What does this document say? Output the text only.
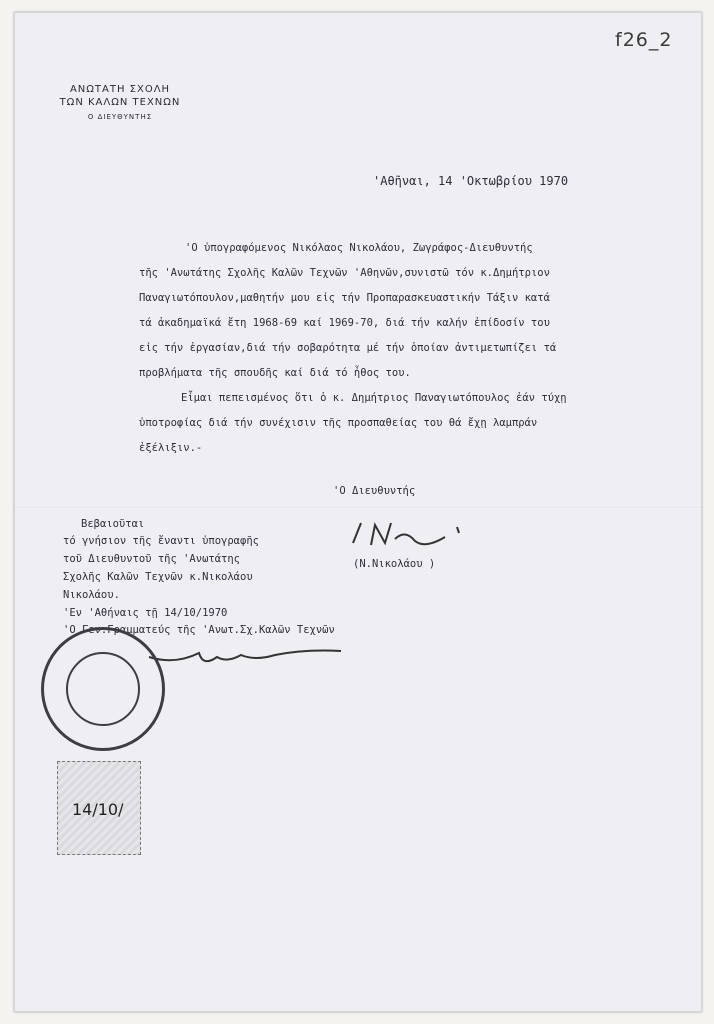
f26_2
ΑΝΩΤΑΤΗ ΣΧΟΛΗ
ΤΩΝ ΚΑΛΩΝ ΤΕΧΝΩΝ
Ο ΔΙΕΥΘΥΝΤΗΣ
'Αθῆναι, 14 'Οκτωβρίου 1970
'Ο ὑπογραφόμενος Νικόλαος Νικολάου, Ζωγράφος-Διευθυντής
τῆς 'Ανωτάτης Σχολῆς Καλῶν Τεχνῶν 'Αθηνῶν,συνιστῶ τόν κ.Δημήτριον
Παναγιωτόπουλον,μαθητήν μου εἰς τήν Προπαρασκευαστικήν Τάξιν κατά
τά ἀκαδημαϊκά ἔτη 1968-69 καί 1969-70, διά τήν καλήν ἐπίδοσίν του
εἰς τήν ἐργασίαν,διά τήν σοβαρότητα μέ τήν ὁποίαν ἀντιμετωπίζει τά
προβλήματα τῆς σπουδῆς καί διά τό ἦθος του.
Εἶμαι πεπεισμένος ὅτι ὁ κ. Δημήτριος Παναγιωτόπουλος ἐάν τύχῃ
ὑποτροφίας διά τήν συνέχισιν τῆς προσπαθείας του θά ἔχῃ λαμπράν
ἐξέλιξιν.-
'Ο Διευθυντής
(Ν.Νικολάου )
Βεβαιοῦται
τό γνήσιον τῆς ἔναντι ὑπογραφῆς
τοῦ Διευθυντοῦ τῆς 'Ανωτάτης
Σχολῆς Καλῶν Τεχνῶν κ.Νικολάου
Νικολάου.
'Εν 'Αθήναις τῇ 14/10/1970
'Ο Γεν.Γραμματεύς τῆς 'Ανωτ.Σχ.Καλῶν Τεχνῶν
14/10/
